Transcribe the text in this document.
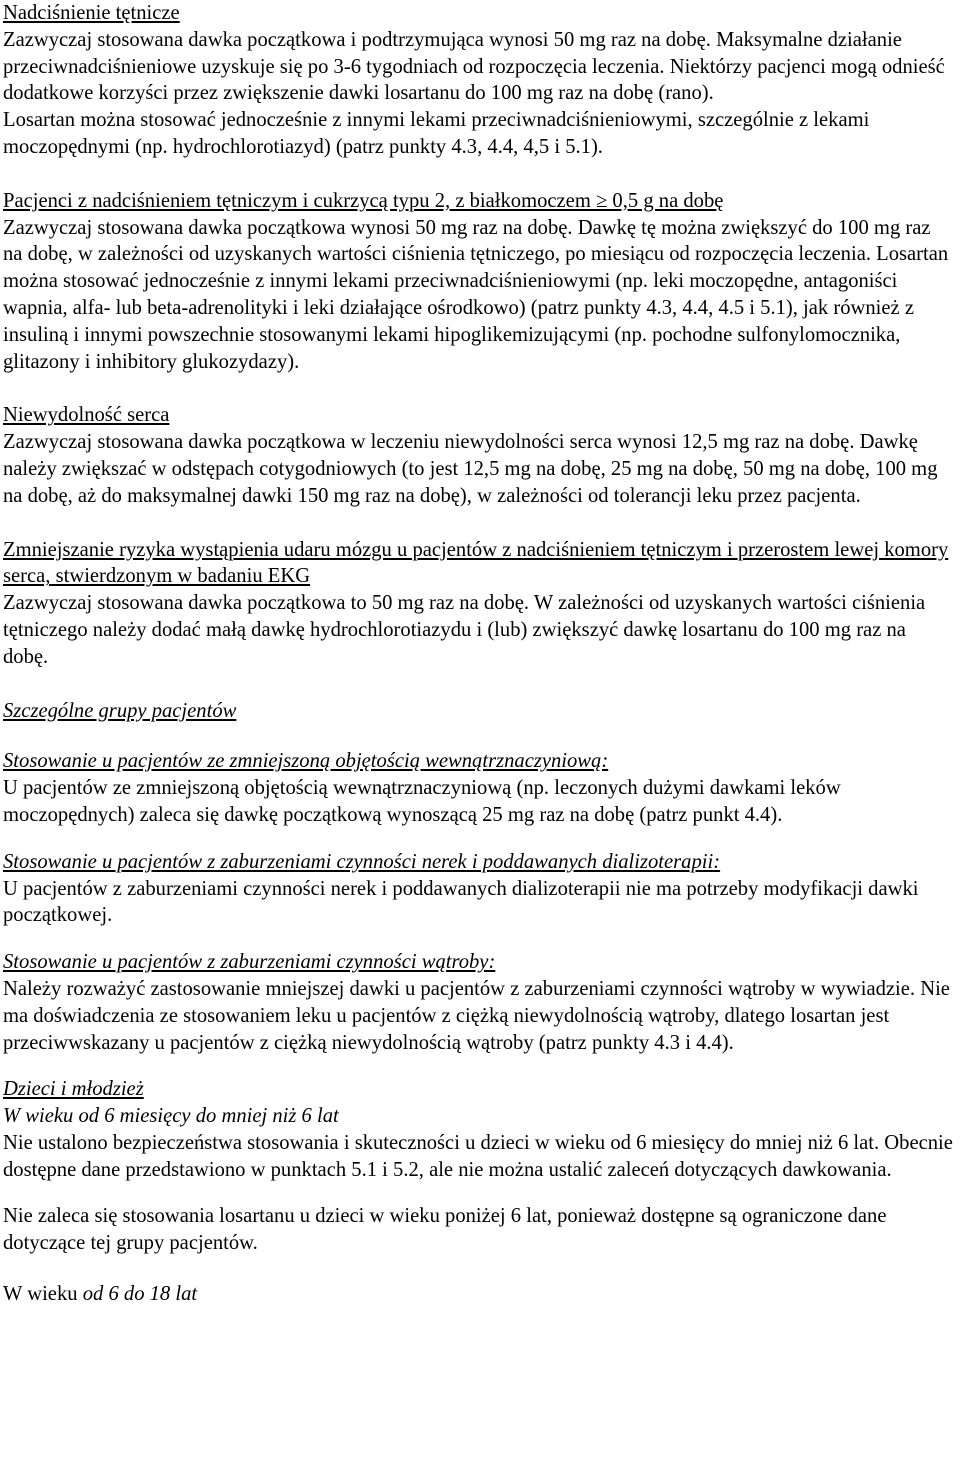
Nadciśnienie tętnicze

Zazwyczaj stosowana dawka początkowa i podtrzymująca wynosi 50 mg raz na dobę. Maksymalne działanie przeciwnadciśnieniowe uzyskuje się po 3-6 tygodniach od rozpoczęcia leczenia. Niektórzy pacjenci mogą odnieść dodatkowe korzyści przez zwiększenie dawki losartanu do 100 mg raz na dobę (rano).

Losartan można stosować jednocześnie z innymi lekami przeciwnadciśnieniowymi, szczególnie z lekami moczopędnymi (np. hydrochlorotiazyd) (patrz punkty 4.3, 4.4, 4,5 i 5.1).

Pacjenci z nadciśnieniem tętniczym i cukrzycą typu 2, z białkomoczem ≥ 0,5 g na dobę

Zazwyczaj stosowana dawka początkowa wynosi 50 mg raz na dobę. Dawkę tę można zwiększyć do 100 mg raz na dobę, w zależności od uzyskanych wartości ciśnienia tętniczego, po miesiącu od rozpoczęcia leczenia. Losartan można stosować jednocześnie z innymi lekami przeciwnadciśnieniowymi (np. leki moczopędne, antagoniści wapnia, alfa- lub beta-adrenolityki i leki działające ośrodkowo) (patrz punkty 4.3, 4.4, 4.5 i 5.1), jak również z insuliną i innymi powszechnie stosowanymi lekami hipoglikemizującymi (np. pochodne sulfonylomocznika, glitazony i inhibitory glukozydazy).

Niewydolność serca

Zazwyczaj stosowana dawka początkowa w leczeniu niewydolności serca wynosi 12,5 mg raz na dobę. Dawkę należy zwiększać w odstępach cotygodniowych (to jest 12,5 mg na dobę, 25 mg na dobę, 50 mg na dobę, 100 mg na dobę, aż do maksymalnej dawki 150 mg raz na dobę), w zależności od tolerancji leku przez pacjenta.

Zmniejszanie ryzyka wystąpienia udaru mózgu u pacjentów z nadciśnieniem tętniczym i przerostem lewej komory serca, stwierdzonym w badaniu EKG

Zazwyczaj stosowana dawka początkowa to 50 mg raz na dobę. W zależności od uzyskanych wartości ciśnienia tętniczego należy dodać małą dawkę hydrochlorotiazydu i (lub) zwiększyć dawkę losartanu do 100 mg raz na dobę.

Szczególne grupy pacjentów

Stosowanie u pacjentów ze zmniejszoną objętością wewnątrznaczyniową:

U pacjentów ze zmniejszoną objętością wewnątrznaczyniową (np. leczonych dużymi dawkami leków moczopędnych) zaleca się dawkę początkową wynoszącą 25 mg raz na dobę (patrz punkt 4.4).

Stosowanie u pacjentów z zaburzeniami czynności nerek i poddawanych dializoterapii:

U pacjentów z zaburzeniami czynności nerek i poddawanych dializoterapii nie ma potrzeby modyfikacji dawki początkowej.

Stosowanie u pacjentów z zaburzeniami czynności wątroby:

Należy rozważyć zastosowanie mniejszej dawki u pacjentów z zaburzeniami czynności wątroby w wywiadzie. Nie ma doświadczenia ze stosowaniem leku u pacjentów z ciężką niewydolnością wątroby, dlatego losartan jest przeciwwskazany u pacjentów z ciężką niewydolnością wątroby (patrz punkty 4.3 i 4.4).

Dzieci i młodzież

W wieku od 6 miesięcy do mniej niż 6 lat

Nie ustalono bezpieczeństwa stosowania i skuteczności u dzieci w wieku od 6 miesięcy do mniej niż 6 lat. Obecnie dostępne dane przedstawiono w punktach 5.1 i 5.2, ale nie można ustalić zaleceń dotyczących dawkowania.

Nie zaleca się stosowania losartanu u dzieci w wieku poniżej 6 lat, ponieważ dostępne są ograniczone dane dotyczące tej grupy pacjentów.

W wieku od 6 do 18 lat
